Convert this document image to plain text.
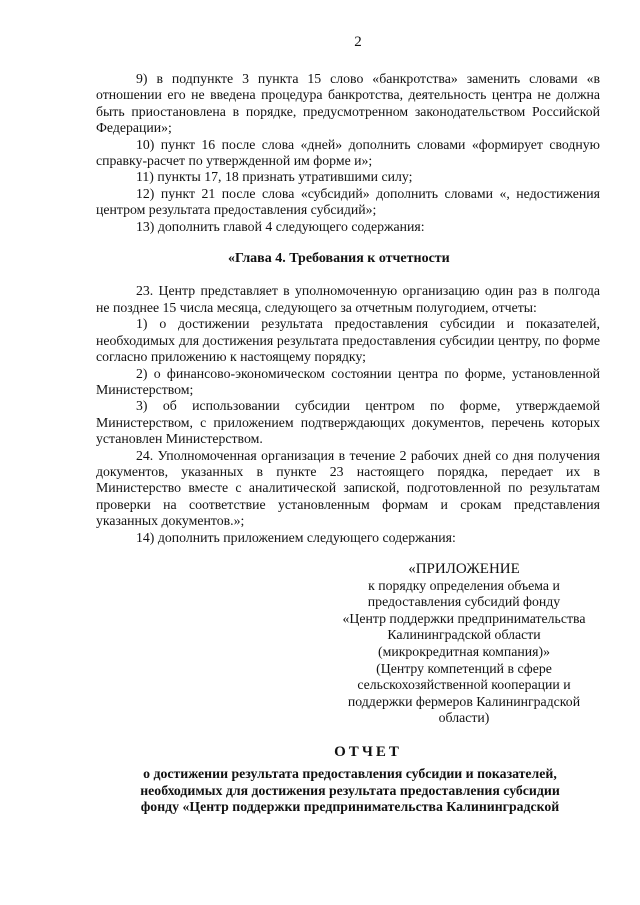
2

9) в подпункте 3 пункта 15 слово «банкротства» заменить словами «в отношении его не введена процедура банкротства, деятельность центра не должна быть приостановлена в порядке, предусмотренном законодательством Российской Федерации»;

10) пункт 16 после слова «дней» дополнить словами «формирует сводную справку-расчет по утвержденной им форме и»;

11) пункты 17, 18 признать утратившими силу;

12) пункт 21 после слова «субсидий» дополнить словами «, недостижения центром результата предоставления субсидий»;

13) дополнить главой 4 следующего содержания:

«Глава 4. Требования к отчетности

23. Центр представляет в уполномоченную организацию один раз в полгода не позднее 15 числа месяца, следующего за отчетным полугодием, отчеты:

1) о достижении результата предоставления субсидии и показателей, необходимых для достижения результата предоставления субсидии центру, по форме согласно приложению к настоящему порядку;

2) о финансово-экономическом состоянии центра по форме, установленной Министерством;

3) об использовании субсидии центром по форме, утверждаемой Министерством, с приложением подтверждающих документов, перечень которых установлен Министерством.

24. Уполномоченная организация в течение 2 рабочих дней со дня получения документов, указанных в пункте 23 настоящего порядка, передает их в Министерство вместе с аналитической запиской, подготовленной по результатам проверки на соответствие установленным формам и срокам представления указанных документов.»;

14) дополнить приложением следующего содержания:

«ПРИЛОЖЕНИЕ
к порядку определения объема и
предоставления субсидий фонду
«Центр поддержки предпринимательства
Калининградской области
(микрокредитная компания)»
(Центру компетенций в сфере
сельскохозяйственной кооперации и
поддержки фермеров Калининградской
области)
ОТЧЕТ
о достижении результата предоставления субсидии и показателей,
необходимых для достижения результата предоставления субсидии
фонду «Центр поддержки предпринимательства Калининградской
